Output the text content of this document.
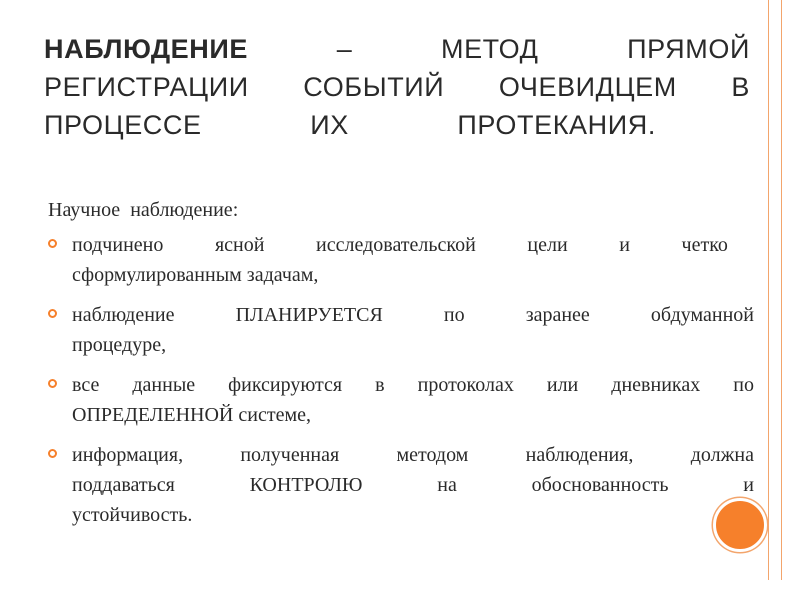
НАБЛЮДЕНИЕ	–	МЕТОД	ПРЯМОЙ
РЕГИСТРАЦИИ СОБЫТИЙ ОЧЕВИДЦЕМ В
ПРОЦЕССЕ	ИХ	ПРОТЕКАНИЯ.
Научное  наблюдение:
подчинено	ясной	исследовательской	цели	и	четко
сформулированным задачам,
наблюдение	ПЛАНИРУЕТСЯ	по	заранее	обдуманной
процедуре,
все данные фиксируются в протоколах или дневниках по
ОПРЕДЕЛЕННОЙ системе,
информация,	полученная	методом	наблюдения,	должна
поддаваться	КОНТРОЛЮ	на	обоснованность	и
устойчивость.
